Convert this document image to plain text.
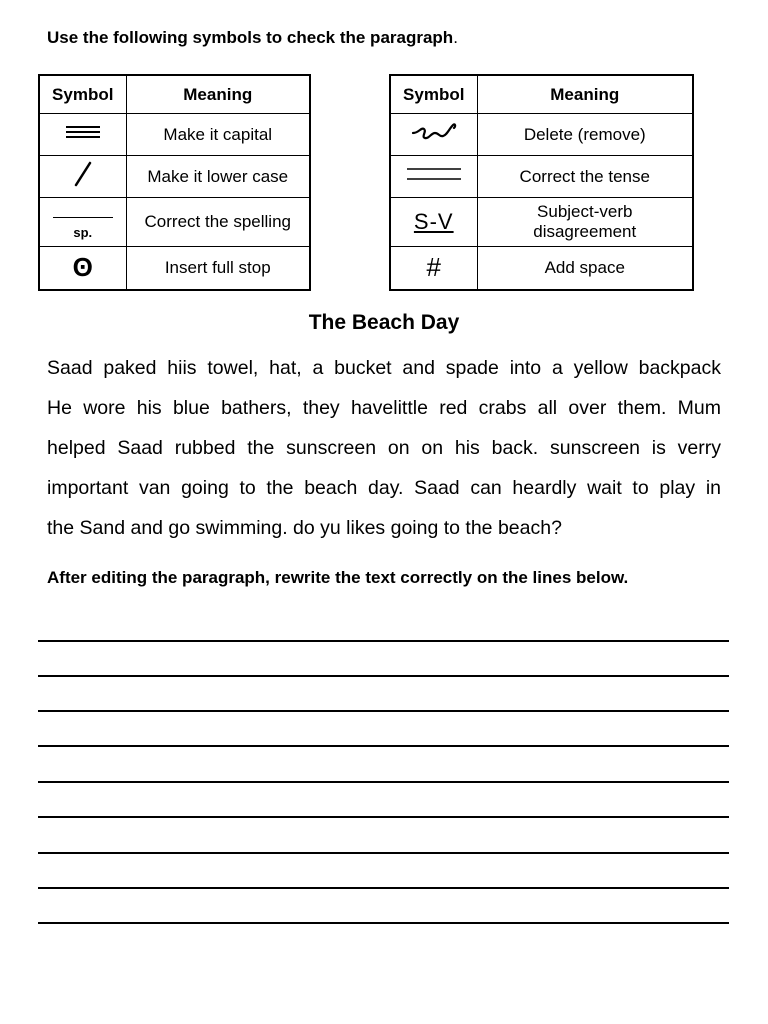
Use the following symbols to check the paragraph.
Symbol	Meaning
	Make it capital
	Make it lower case

sp.	Correct the spelling
ʘ	Insert full stop
Symbol	Meaning
	Delete (remove)
	Correct the tense
S-V	Subject-verb
disagreement
#	Add space
The Beach Day
Saad paked hiis towel, hat, a bucket and spade into a yellow backpack
He wore his blue bathers, they havelittle red crabs all over them. Mum
helped Saad rubbed the sunscreen on on his back. sunscreen is verry
important van going to the beach day. Saad can heardly wait to play in
the Sand and go swimming. do yu likes going to the beach?
After editing the paragraph, rewrite the text correctly on the lines below.
